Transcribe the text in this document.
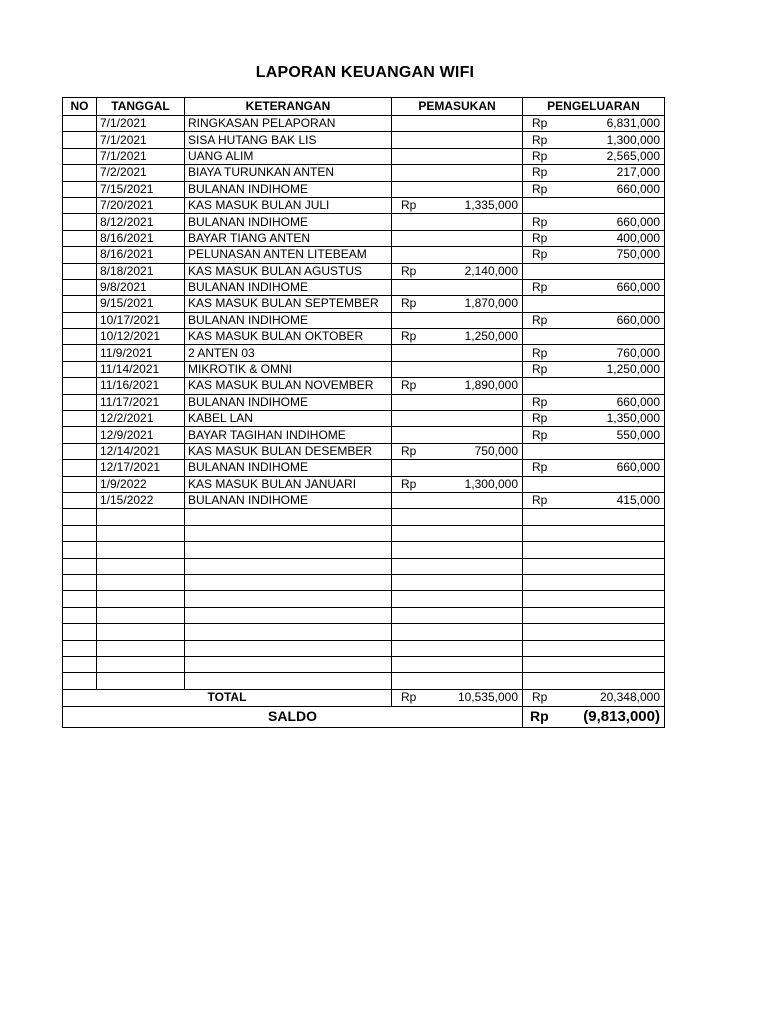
LAPORAN KEUANGAN WIFI
NO	TANGGAL	KETERANGAN	PEMASUKAN	PENGELUARAN
	7/1/2021	RINGKASAN PELAPORAN		Rp 6,831,000

	7/1/2021	SISA HUTANG BAK LIS		Rp 1,300,000

	7/1/2021	UANG ALIM		Rp 2,565,000

	7/2/2021	BIAYA TURUNKAN ANTEN		Rp 217,000

	7/15/2021	BULANAN INDIHOME		Rp 660,000

	7/20/2021	KAS MASUK BULAN JULI	Rp 1,335,000	

	8/12/2021	BULANAN INDIHOME		Rp 660,000

	8/16/2021	BAYAR TIANG ANTEN		Rp 400,000

	8/16/2021	PELUNASAN ANTEN LITEBEAM		Rp 750,000

	8/18/2021	KAS MASUK BULAN AGUSTUS	Rp 2,140,000	

	9/8/2021	BULANAN INDIHOME		Rp 660,000

	9/15/2021	KAS MASUK BULAN SEPTEMBER	Rp 1,870,000	

	10/17/2021	BULANAN INDIHOME		Rp 660,000

	10/12/2021	KAS MASUK BULAN OKTOBER	Rp 1,250,000	

	11/9/2021	2 ANTEN 03		Rp 760,000

	11/14/2021	MIKROTIK & OMNI		Rp 1,250,000

	11/16/2021	KAS MASUK BULAN NOVEMBER	Rp 1,890,000	

	11/17/2021	BULANAN INDIHOME		Rp 660,000

	12/2/2021	KABEL LAN		Rp 1,350,000

	12/9/2021	BAYAR TAGIHAN INDIHOME		Rp 550,000

	12/14/2021	KAS MASUK BULAN DESEMBER	Rp 750,000	

	12/17/2021	BULANAN INDIHOME		Rp 660,000

	1/9/2022	KAS MASUK BULAN JANUARI	Rp 1,300,000	

	1/15/2022	BULANAN INDIHOME		Rp 415,000

TOTAL			Rp 10,535,000	Rp 20,348,000

SALDO				Rp (9,813,000)
